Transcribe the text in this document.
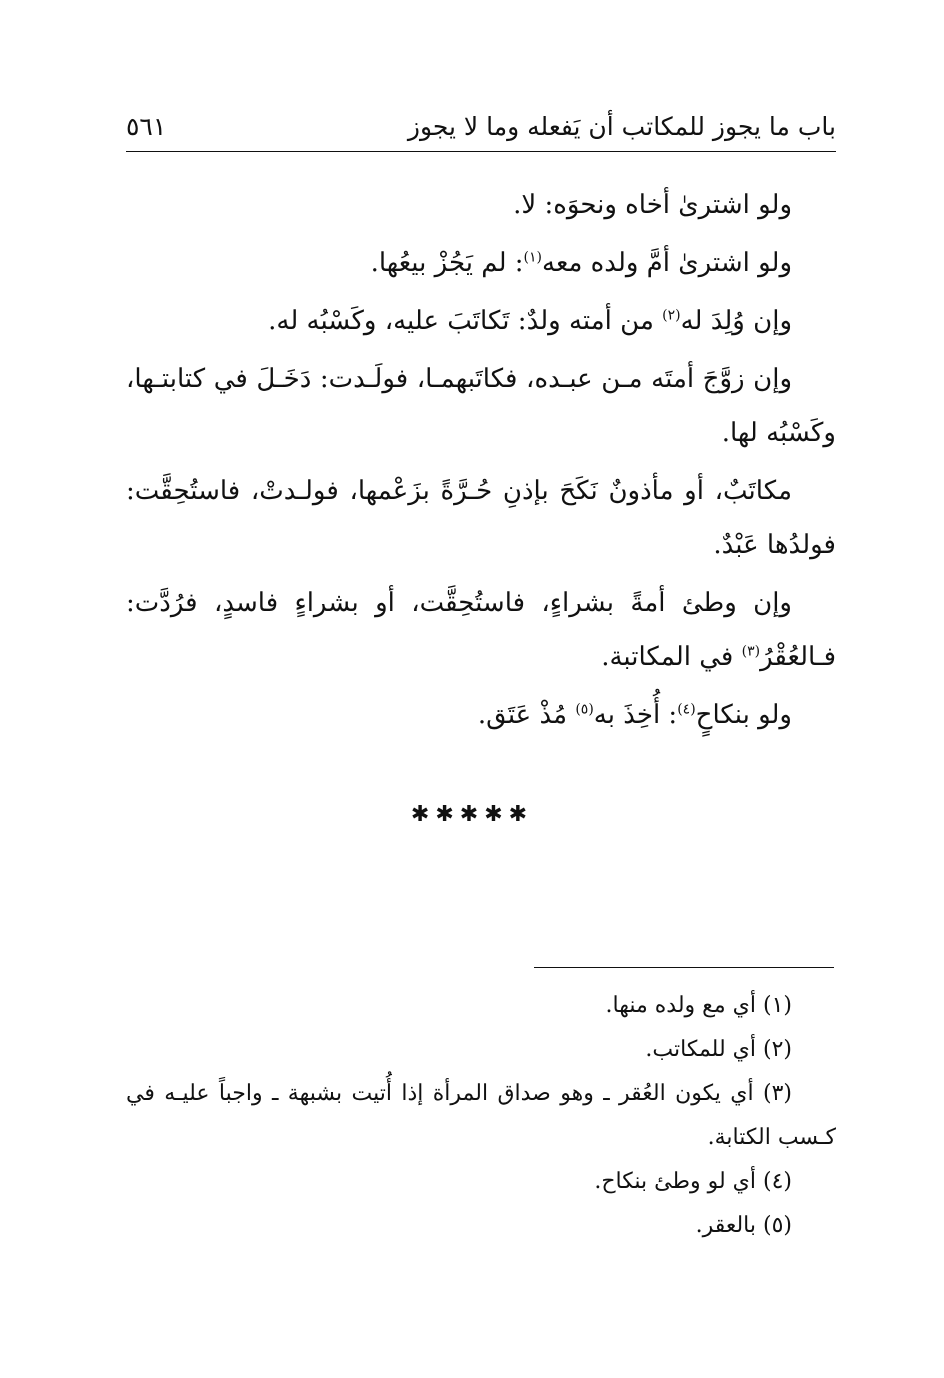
باب ما يجوز للمكاتب أن يَفعله وما لا يجوز
٥٦١

ولو اشترىٰ أخاه ونحوَه: لا.

ولو اشترىٰ أمَّ ولده معه$^{(١)}$: لم يَجُزْ بيعُها.

وإن وُلِدَ له$^{(٢)}$ من أمته ولدٌ: تَكاتَبَ عليه، وكَسْبُه له.

وإن زوَّجَ أمتَه مـن عبـده، فكاتَبهمـا، فولَـدت: دَخَـلَ في كتابتـها، وكَسْبُه لها.

مكاتَبٌ، أو مأذونٌ نَكَحَ بإذنِ حُـرَّةً بزَعْمها، فولـدتْ، فاستُحِقَّت: فولدُها عَبْدٌ.

وإن وطئ أمةً بشراءٍ، فاستُحِقَّت، أو بشراءٍ فاسدٍ، فرُدَّت: فـالعُقْرُ$^{(٣)}$ في المكاتبة.

ولو بنكاحٍ$^{(٤)}$: أُخِذَ به$^{(٥)}$ مُذْ عَتَق.

✱✱✱✱✱

(١) أي مع ولده منها.

(٢) أي للمكاتب.

(٣) أي يكون العُقر ـ وهو صداق المرأة إذا أُتيت بشبهة ـ واجباً عليـه في كـسب الكتابة.

(٤) أي لو وطئ بنكاح.

(٥) بالعقر.
